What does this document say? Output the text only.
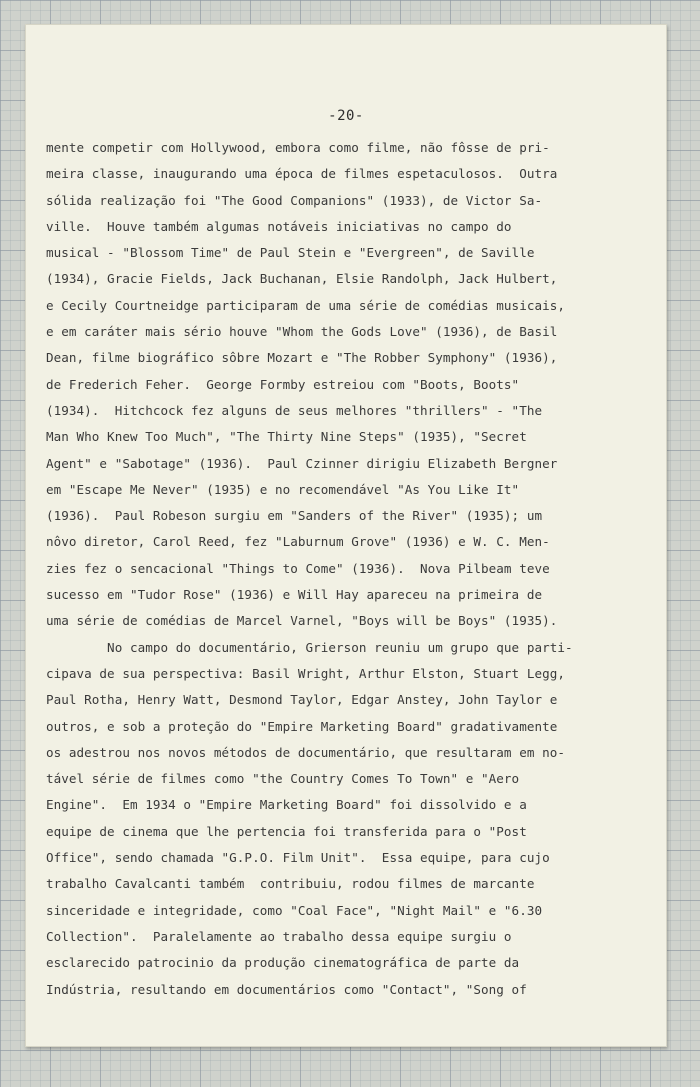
-20-
mente competir com Hollywood, embora como filme, não fôsse de pri-
meira classe, inaugurando uma época de filmes espetaculosos.  Outra
sólida realização foi "The Good Companions" (1933), de Victor Sa-
ville.  Houve também algumas notáveis iniciativas no campo do
musical - "Blossom Time" de Paul Stein e "Evergreen", de Saville
(1934), Gracie Fields, Jack Buchanan, Elsie Randolph, Jack Hulbert,
e Cecily Courtneidge participaram de uma série de comédias musicais,
e em caráter mais sério houve "Whom the Gods Love" (1936), de Basil
Dean, filme biográfico sôbre Mozart e "The Robber Symphony" (1936),
de Frederich Feher.  George Formby estreiou com "Boots, Boots"
(1934).  Hitchcock fez alguns de seus melhores "thrillers" - "The
Man Who Knew Too Much", "The Thirty Nine Steps" (1935), "Secret
Agent" e "Sabotage" (1936).  Paul Czinner dirigiu Elizabeth Bergner
em "Escape Me Never" (1935) e no recomendável "As You Like It"
(1936).  Paul Robeson surgiu em "Sanders of the River" (1935); um
nôvo diretor, Carol Reed, fez "Laburnum Grove" (1936) e W. C. Men-
zies fez o sencacional "Things to Come" (1936).  Nova Pilbeam teve
sucesso em "Tudor Rose" (1936) e Will Hay apareceu na primeira de
uma série de comédias de Marcel Varnel, "Boys will be Boys" (1935).
No campo do documentário, Grierson reuniu um grupo que parti-
cipava de sua perspectiva: Basil Wright, Arthur Elston, Stuart Legg,
Paul Rotha, Henry Watt, Desmond Taylor, Edgar Anstey, John Taylor e
outros, e sob a proteção do "Empire Marketing Board" gradativamente
os adestrou nos novos métodos de documentário, que resultaram em no-
tável série de filmes como "the Country Comes To Town" e "Aero
Engine".  Em 1934 o "Empire Marketing Board" foi dissolvido e a
equipe de cinema que lhe pertencia foi transferida para o "Post
Office", sendo chamada "G.P.O. Film Unit".  Essa equipe, para cujo
trabalho Cavalcanti também  contribuiu, rodou filmes de marcante
sinceridade e integridade, como "Coal Face", "Night Mail" e "6.30
Collection".  Paralelamente ao trabalho dessa equipe surgiu o
esclarecido patrocinio da produção cinematográfica de parte da
Indústria, resultando em documentários como "Contact", "Song of
